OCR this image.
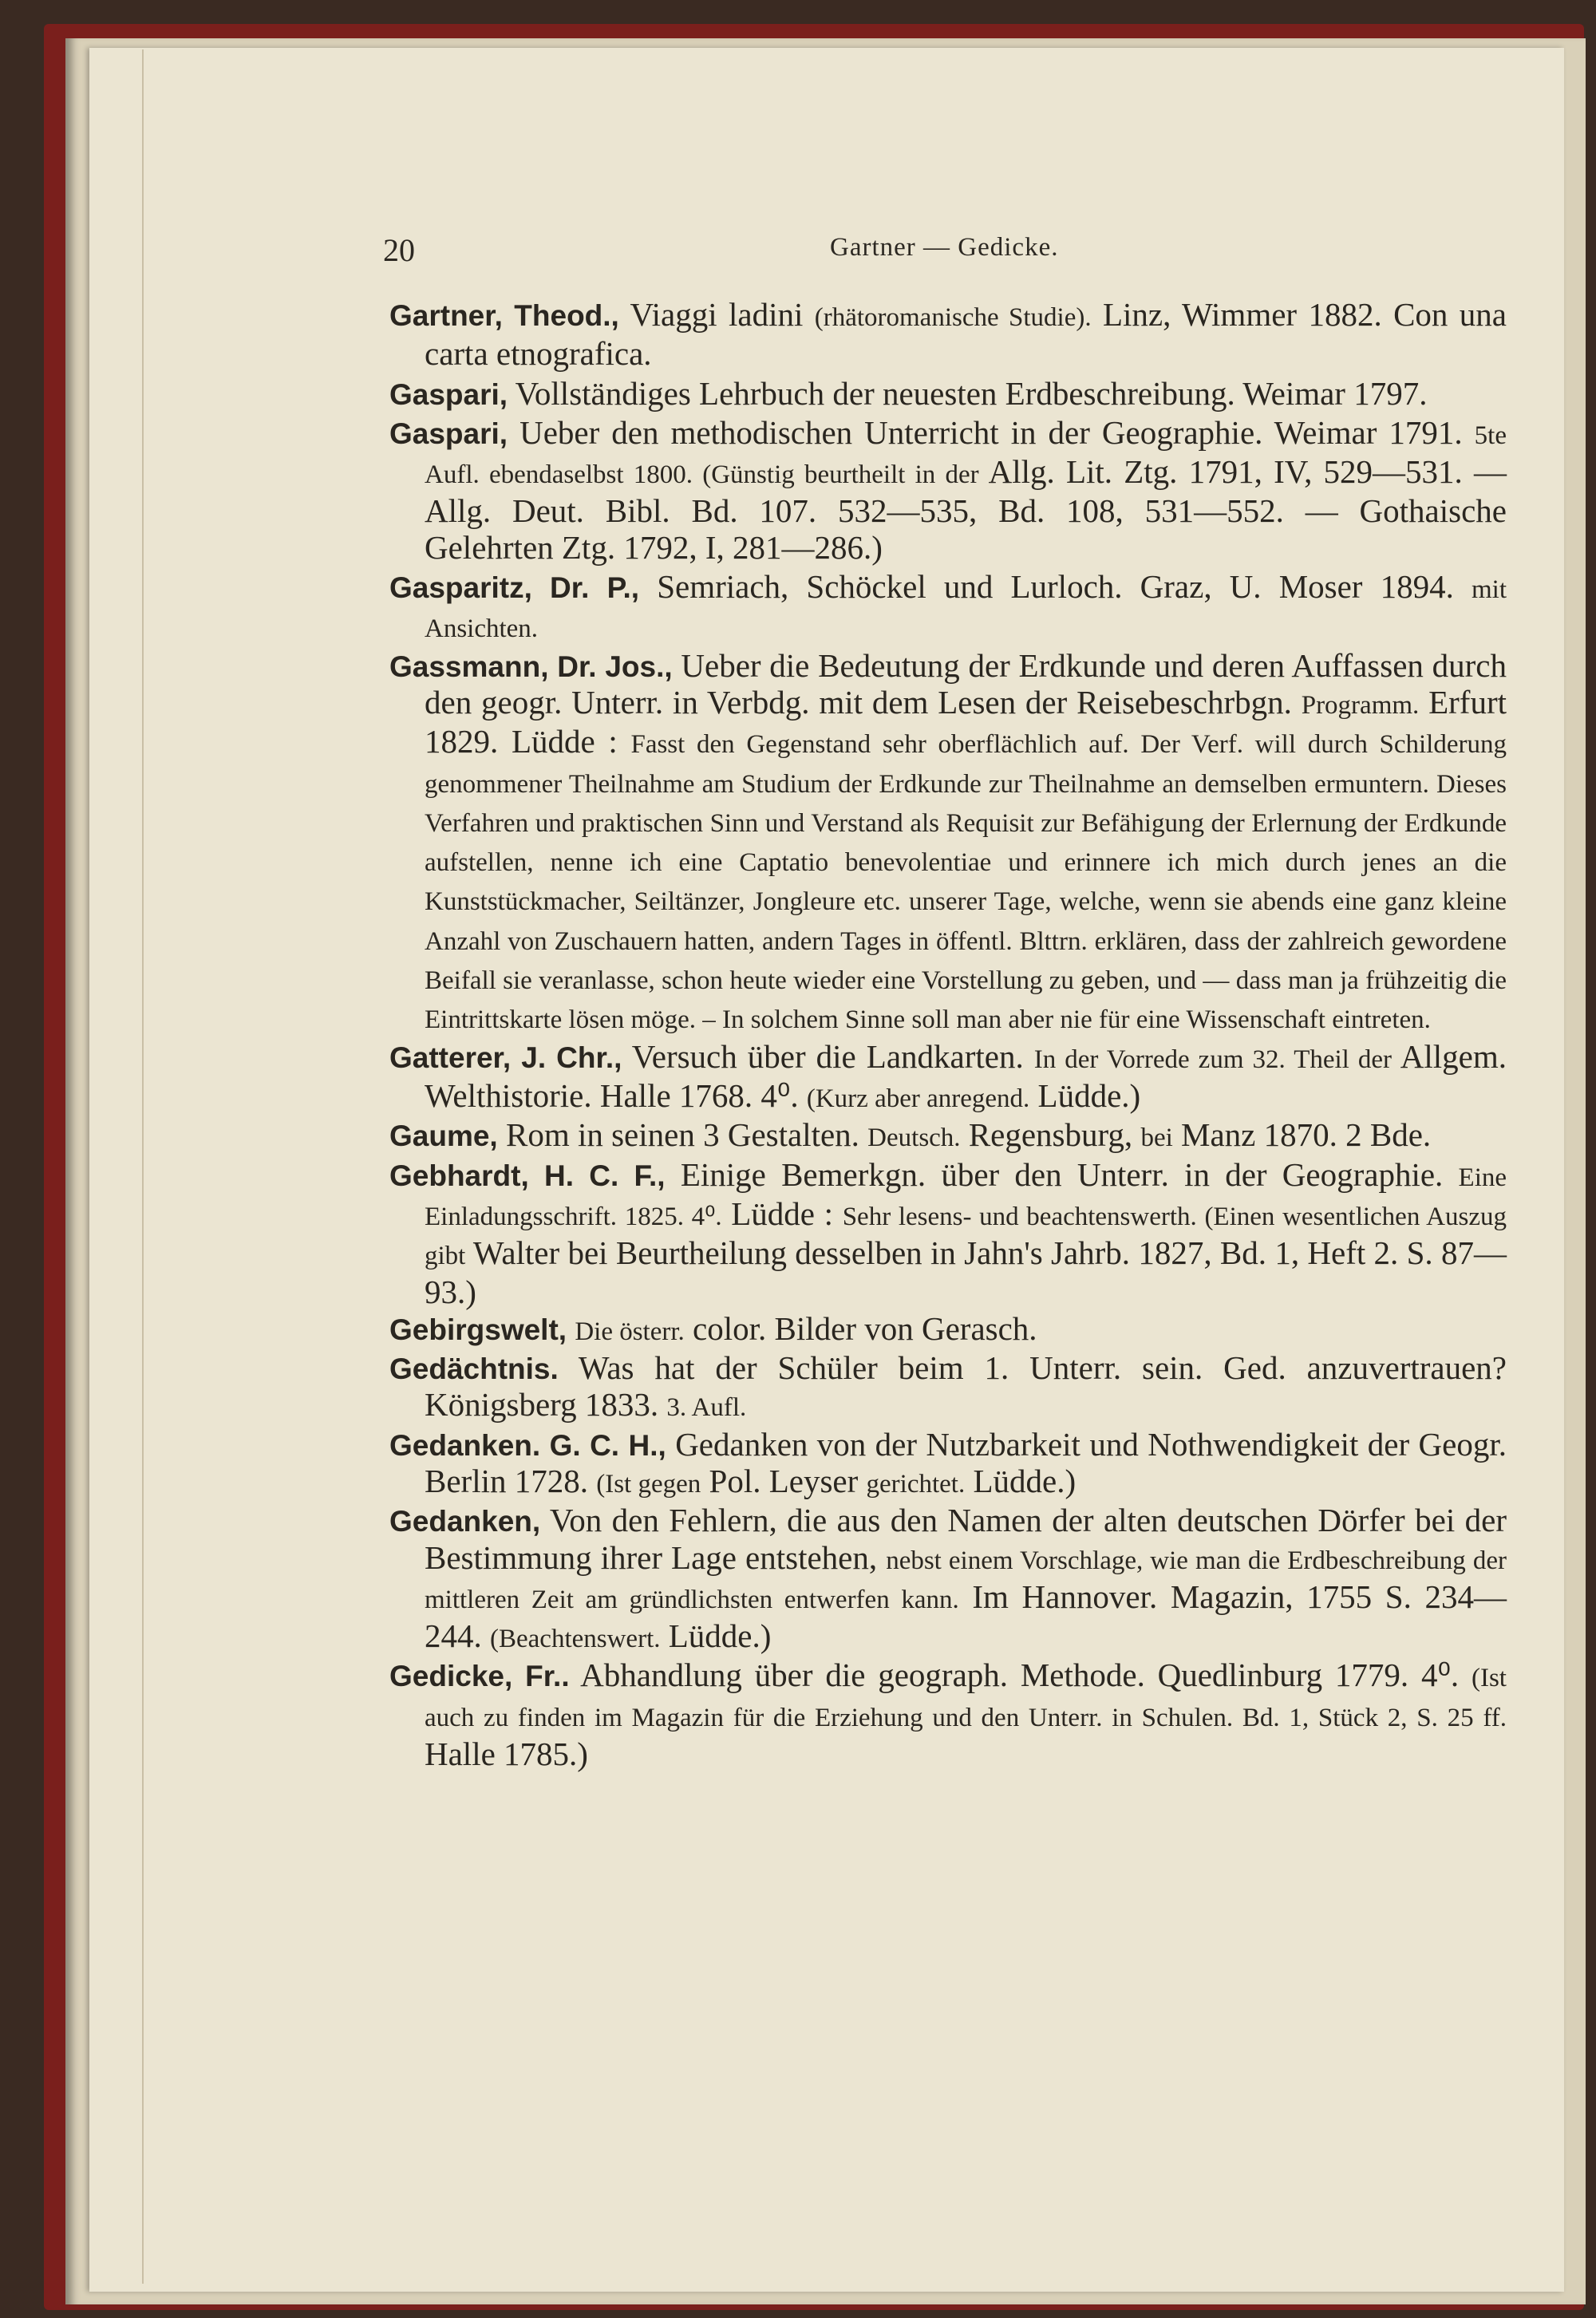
20	Gartner — Gedicke.

Gartner, Theod., Viaggi ladini (rhätoromanische Studie). Linz, Wimmer 1882. Con una carta etnografica.

Gaspari, Vollständiges Lehrbuch der neuesten Erdbeschreibung. Weimar 1797.

Gaspari, Ueber den methodischen Unterricht in der Geographie. Weimar 1791. 5te Aufl. ebendaselbst 1800. (Günstig beurtheilt in der Allg. Lit. Ztg. 1791, IV, 529—531. — Allg. Deut. Bibl. Bd. 107. 532—535, Bd. 108, 531—552. — Gothaische Gelehrten Ztg. 1792, I, 281—286.)

Gasparitz, Dr. P., Semriach, Schöckel und Lurloch. Graz, U. Moser 1894. mit Ansichten.

Gassmann, Dr. Jos., Ueber die Bedeutung der Erdkunde und deren Auffassen durch den geogr. Unterr. in Verbdg. mit dem Lesen der Reisebeschrbgn. Programm. Erfurt 1829. Lüdde : Fasst den Gegenstand sehr oberflächlich auf. Der Verf. will durch Schilderung genommener Theilnahme am Studium der Erdkunde zur Theilnahme an demselben ermuntern. Dieses Verfahren und praktischen Sinn und Verstand als Requisit zur Befähigung der Erlernung der Erdkunde aufstellen, nenne ich eine Captatio benevolentiae und erinnere ich mich durch jenes an die Kunststückmacher, Seiltänzer, Jongleure etc. unserer Tage, welche, wenn sie abends eine ganz kleine Anzahl von Zuschauern hatten, andern Tages in öffentl. Blttrn. erklären, dass der zahlreich gewordene Beifall sie veranlasse, schon heute wieder eine Vorstellung zu geben, und — dass man ja frühzeitig die Eintrittskarte lösen möge. – In solchem Sinne soll man aber nie für eine Wissenschaft eintreten.

Gatterer, J. Chr., Versuch über die Landkarten. In der Vorrede zum 32. Theil der Allgem. Welthistorie. Halle 1768. 4⁰. (Kurz aber anregend. Lüdde.)

Gaume, Rom in seinen 3 Gestalten. Deutsch. Regensburg, bei Manz 1870. 2 Bde.

Gebhardt, H. C. F., Einige Bemerkgn. über den Unterr. in der Geographie. Eine Einladungsschrift. 1825. 4⁰. Lüdde : Sehr lesens- und beachtenswerth. (Einen wesentlichen Auszug gibt Walter bei Beurtheilung desselben in Jahn's Jahrb. 1827, Bd. 1, Heft 2. S. 87—93.)

Gebirgswelt, Die österr. color. Bilder von Gerasch.

Gedächtnis. Was hat der Schüler beim 1. Unterr. sein. Ged. anzuvertrauen? Königsberg 1833. 3. Aufl.

Gedanken. G. C. H., Gedanken von der Nutzbarkeit und Nothwendigkeit der Geogr. Berlin 1728. (Ist gegen Pol. Leyser gerichtet. Lüdde.)

Gedanken, Von den Fehlern, die aus den Namen der alten deutschen Dörfer bei der Bestimmung ihrer Lage entstehen, nebst einem Vorschlage, wie man die Erdbeschreibung der mittleren Zeit am gründlichsten entwerfen kann. Im Hannover. Magazin, 1755 S. 234—244. (Beachtenswert. Lüdde.)

Gedicke, Fr.. Abhandlung über die geograph. Methode. Quedlinburg 1779. 4⁰. (Ist auch zu finden im Magazin für die Erziehung und den Unterr. in Schulen. Bd. 1, Stück 2, S. 25 ff. Halle 1785.)
